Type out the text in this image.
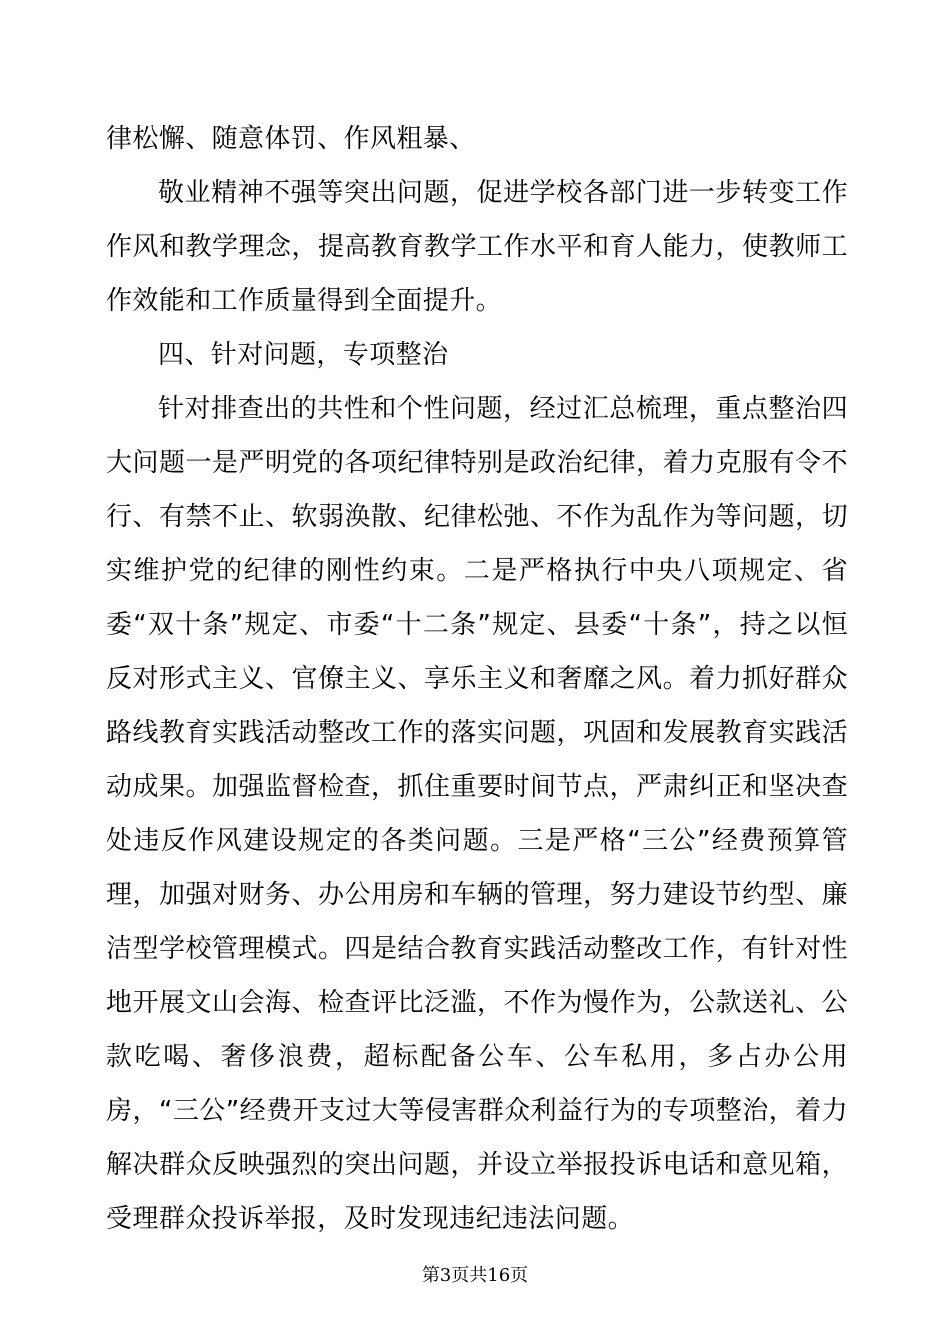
律松懈、随意体罚、作风粗暴、

敬业精神不强等突出问题，促进学校各部门进一步转变工作作风和教学理念，提高教育教学工作水平和育人能力，使教师工作效能和工作质量得到全面提升。

四、针对问题，专项整治

针对排查出的共性和个性问题，经过汇总梳理，重点整治四大问题一是严明党的各项纪律特别是政治纪律，着力克服有令不行、有禁不止、软弱涣散、纪律松弛、不作为乱作为等问题，切实维护党的纪律的刚性约束。二是严格执行中央八项规定、省委“双十条”规定、市委“十二条”规定、县委“十条”，持之以恒反对形式主义、官僚主义、享乐主义和奢靡之风。着力抓好群众路线教育实践活动整改工作的落实问题，巩固和发展教育实践活动成果。加强监督检查，抓住重要时间节点，严肃纠正和坚决查处违反作风建设规定的各类问题。三是严格“三公”经费预算管理，加强对财务、办公用房和车辆的管理，努力建设节约型、廉洁型学校管理模式。四是结合教育实践活动整改工作，有针对性地开展文山会海、检查评比泛滥，不作为慢作为，公款送礼、公款吃喝、奢侈浪费，超标配备公车、公车私用，多占办公用房，“三公”经费开支过大等侵害群众利益行为的专项整治，着力解决群众反映强烈的突出问题，并设立举报投诉电话和意见箱，受理群众投诉举报，及时发现违纪违法问题。

第3页共16页
